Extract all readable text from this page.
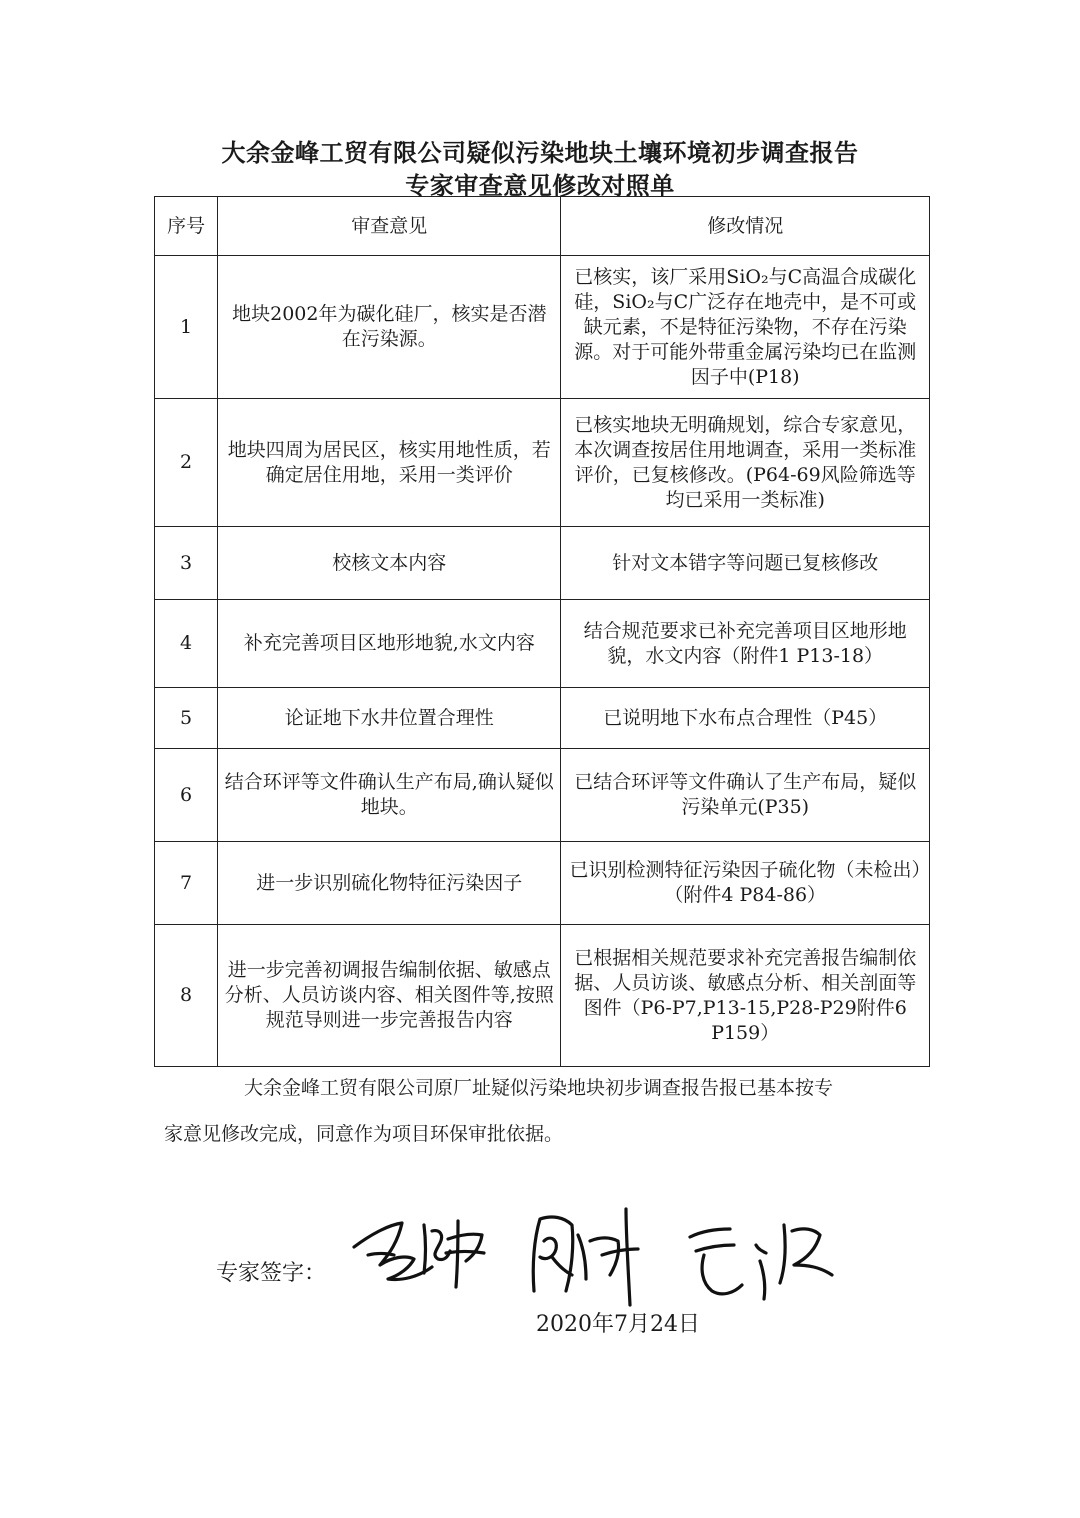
大余金峰工贸有限公司疑似污染地块土壤环境初步调查报告
专家审查意见修改对照单
序号	审查意见	修改情况
1	地块2002年为碳化硅厂，核实是否潜在污染源。	已核实，该厂采用SiO₂与C高温合成碳化硅，SiO₂与C广泛存在地壳中，是不可或缺元素，不是特征污染物，不存在污染源。对于可能外带重金属污染均已在监测因子中(P18)
2	地块四周为居民区，核实用地性质，若确定居住用地，采用一类评价	已核实地块无明确规划，综合专家意见，本次调查按居住用地调查，采用一类标准评价，已复核修改。(P64-69风险筛选等均已采用一类标准)
3	校核文本内容	针对文本错字等问题已复核修改
4	补充完善项目区地形地貌,水文内容	结合规范要求已补充完善项目区地形地貌，水文内容（附件1 P13-18）
5	论证地下水井位置合理性	已说明地下水布点合理性（P45）
6	结合环评等文件确认生产布局,确认疑似地块。	已结合环评等文件确认了生产布局，疑似污染单元(P35)
7	进一步识别硫化物特征污染因子	已识别检测特征污染因子硫化物（未检出）（附件4 P84-86）
8	进一步完善初调报告编制依据、敏感点分析、人员访谈内容、相关图件等,按照规范导则进一步完善报告内容	已根据相关规范要求补充完善报告编制依据、人员访谈、敏感点分析、相关剖面等图件（P6-P7,P13-15,P28-P29附件6 P159）
大余金峰工贸有限公司原厂址疑似污染地块初步调查报告报已基本按专
家意见修改完成，同意作为项目环保审批依据。
专家签字：
2020年7月24日
